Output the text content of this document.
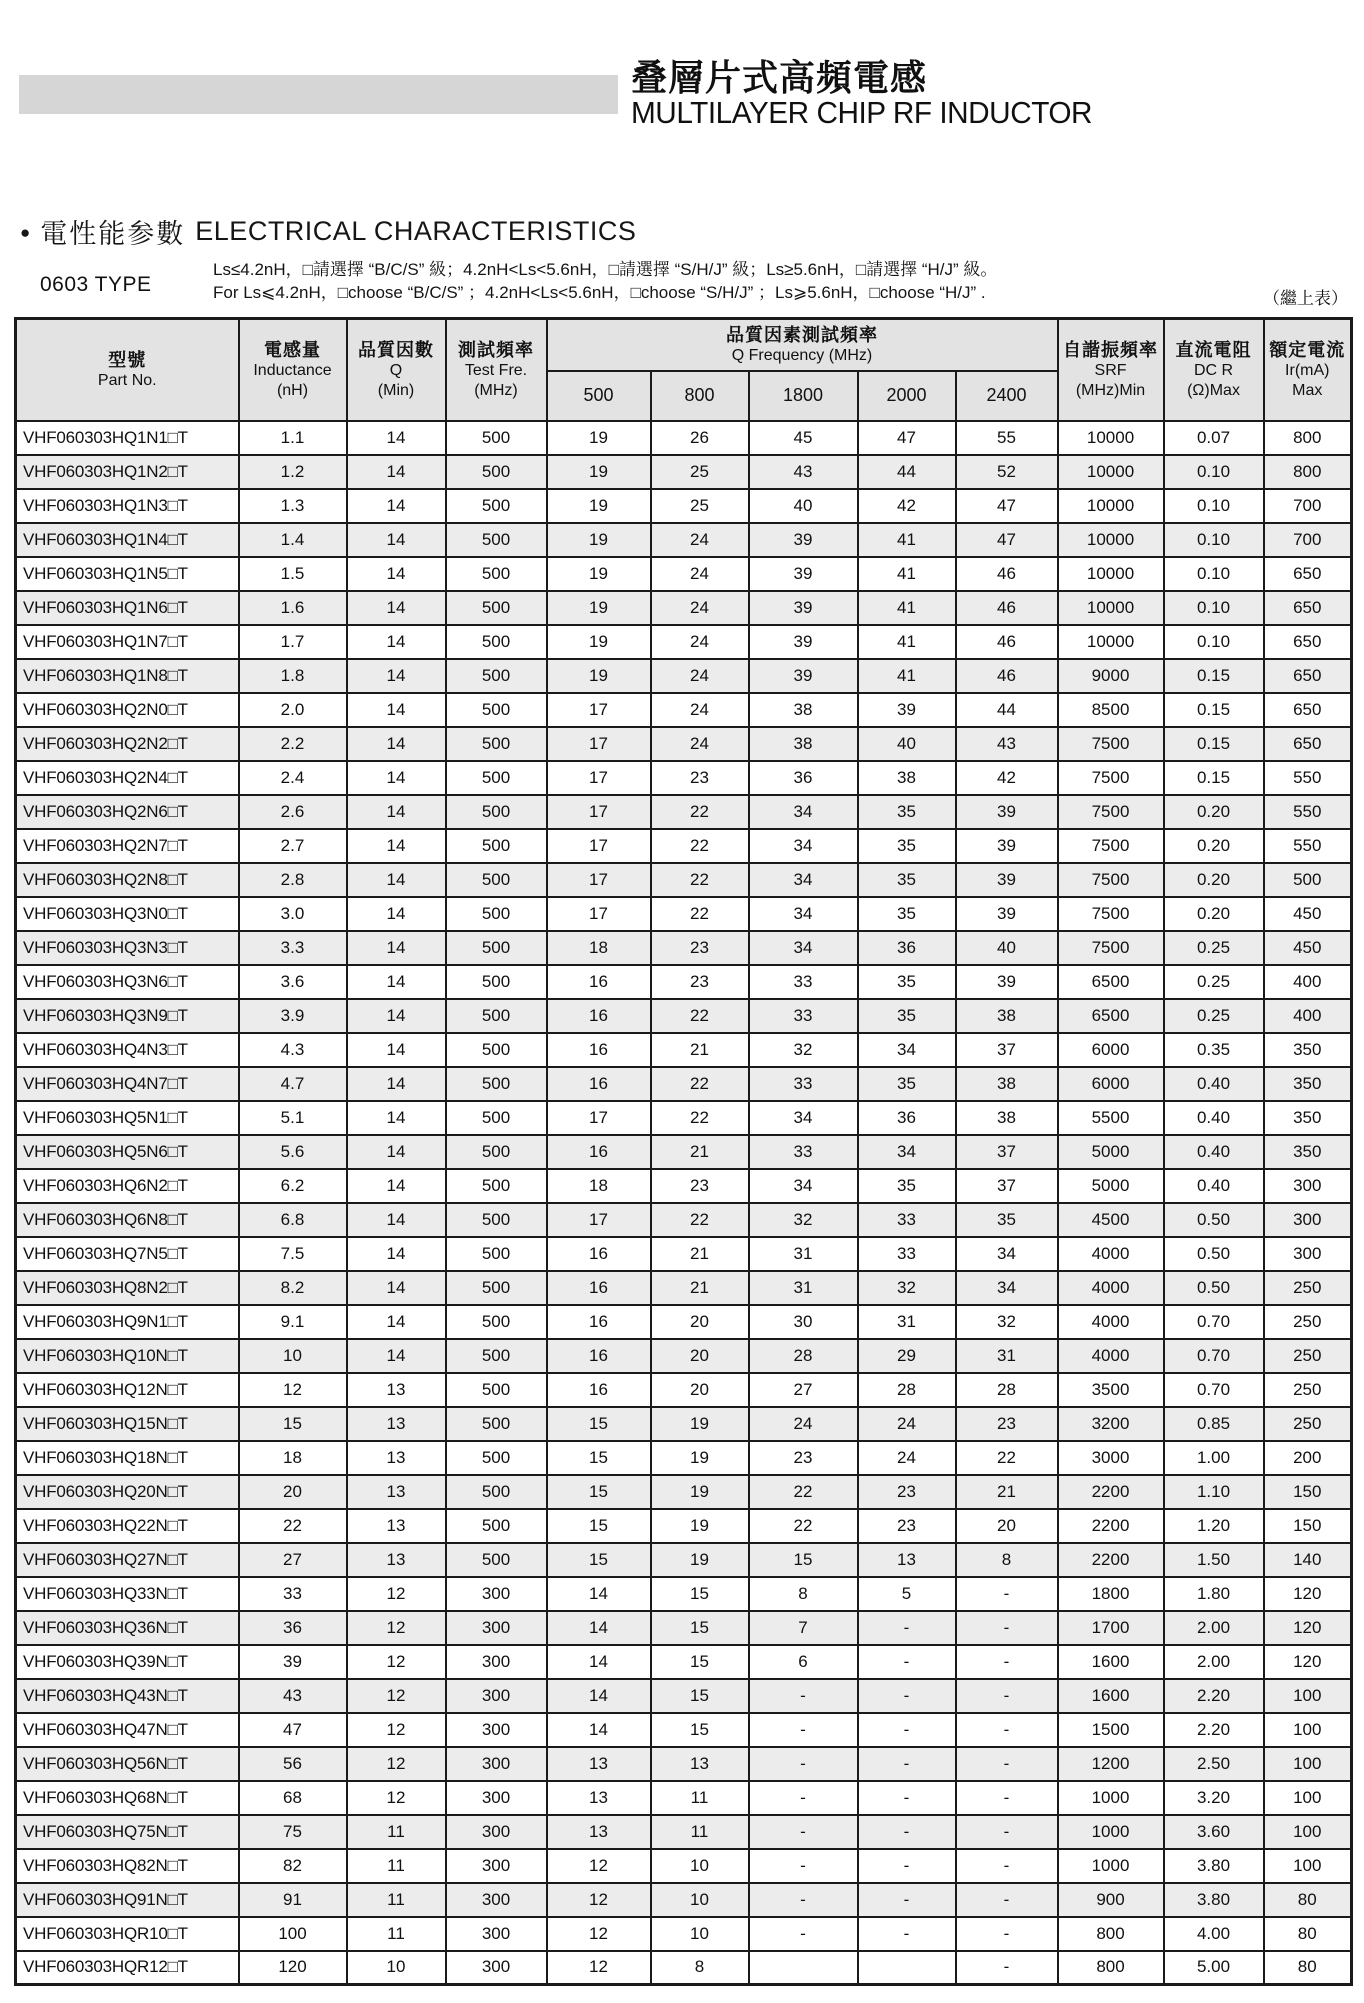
叠層片式高頻電感
MULTILAYER CHIP RF INDUCTOR
● 電性能参數 ELECTRICAL CHARACTERISTICS
0603 TYPE
Ls≤4.2nH，□請選擇 “B/C/S” 級；4.2nH<Ls<5.6nH，□請選擇 “S/H/J” 級；Ls≥5.6nH，□請選擇 “H/J” 級。
For Ls⩽4.2nH，□choose “B/C/S” ；4.2nH<Ls<5.6nH，□choose “S/H/J” ；Ls⩾5.6nH，□choose “H/J” .	（繼上表）
型號
Part No.

電感量
Inductance
(nH)

品質因數
Q
(Min)

測試頻率
Test Fre.
(MHz)

品質因素測試頻率
Q Frequency (MHz)	自諧振頻率
SRF
(MHz)Min

直流電阻
DC R
(Ω)Max

額定電流
Ir(mA)
Max

				500	800	1800	2000	2400			
VHF060303HQ1N1□T	1.1	14	500	19	26	45	47	55	10000	0.07	800
VHF060303HQ1N2□T	1.2	14	500	19	25	43	44	52	10000	0.10	800
VHF060303HQ1N3□T	1.3	14	500	19	25	40	42	47	10000	0.10	700
VHF060303HQ1N4□T	1.4	14	500	19	24	39	41	47	10000	0.10	700
VHF060303HQ1N5□T	1.5	14	500	19	24	39	41	46	10000	0.10	650
VHF060303HQ1N6□T	1.6	14	500	19	24	39	41	46	10000	0.10	650
VHF060303HQ1N7□T	1.7	14	500	19	24	39	41	46	10000	0.10	650
VHF060303HQ1N8□T	1.8	14	500	19	24	39	41	46	9000	0.15	650
VHF060303HQ2N0□T	2.0	14	500	17	24	38	39	44	8500	0.15	650
VHF060303HQ2N2□T	2.2	14	500	17	24	38	40	43	7500	0.15	650
VHF060303HQ2N4□T	2.4	14	500	17	23	36	38	42	7500	0.15	550
VHF060303HQ2N6□T	2.6	14	500	17	22	34	35	39	7500	0.20	550
VHF060303HQ2N7□T	2.7	14	500	17	22	34	35	39	7500	0.20	550
VHF060303HQ2N8□T	2.8	14	500	17	22	34	35	39	7500	0.20	500
VHF060303HQ3N0□T	3.0	14	500	17	22	34	35	39	7500	0.20	450
VHF060303HQ3N3□T	3.3	14	500	18	23	34	36	40	7500	0.25	450
VHF060303HQ3N6□T	3.6	14	500	16	23	33	35	39	6500	0.25	400
VHF060303HQ3N9□T	3.9	14	500	16	22	33	35	38	6500	0.25	400
VHF060303HQ4N3□T	4.3	14	500	16	21	32	34	37	6000	0.35	350
VHF060303HQ4N7□T	4.7	14	500	16	22	33	35	38	6000	0.40	350
VHF060303HQ5N1□T	5.1	14	500	17	22	34	36	38	5500	0.40	350
VHF060303HQ5N6□T	5.6	14	500	16	21	33	34	37	5000	0.40	350
VHF060303HQ6N2□T	6.2	14	500	18	23	34	35	37	5000	0.40	300
VHF060303HQ6N8□T	6.8	14	500	17	22	32	33	35	4500	0.50	300
VHF060303HQ7N5□T	7.5	14	500	16	21	31	33	34	4000	0.50	300
VHF060303HQ8N2□T	8.2	14	500	16	21	31	32	34	4000	0.50	250
VHF060303HQ9N1□T	9.1	14	500	16	20	30	31	32	4000	0.70	250
VHF060303HQ10N□T	10	14	500	16	20	28	29	31	4000	0.70	250
VHF060303HQ12N□T	12	13	500	16	20	27	28	28	3500	0.70	250
VHF060303HQ15N□T	15	13	500	15	19	24	24	23	3200	0.85	250
VHF060303HQ18N□T	18	13	500	15	19	23	24	22	3000	1.00	200
VHF060303HQ20N□T	20	13	500	15	19	22	23	21	2200	1.10	150
VHF060303HQ22N□T	22	13	500	15	19	22	23	20	2200	1.20	150
VHF060303HQ27N□T	27	13	500	15	19	15	13	8	2200	1.50	140
VHF060303HQ33N□T	33	12	300	14	15	8	5	-	1800	1.80	120
VHF060303HQ36N□T	36	12	300	14	15	7	-	-	1700	2.00	120
VHF060303HQ39N□T	39	12	300	14	15	6	-	-	1600	2.00	120
VHF060303HQ43N□T	43	12	300	14	15	-	-	-	1600	2.20	100
VHF060303HQ47N□T	47	12	300	14	15	-	-	-	1500	2.20	100
VHF060303HQ56N□T	56	12	300	13	13	-	-	-	1200	2.50	100
VHF060303HQ68N□T	68	12	300	13	11	-	-	-	1000	3.20	100
VHF060303HQ75N□T	75	11	300	13	11	-	-	-	1000	3.60	100
VHF060303HQ82N□T	82	11	300	12	10	-	-	-	1000	3.80	100
VHF060303HQ91N□T	91	11	300	12	10	-	-	-	900	3.80	80
VHF060303HQR10□T	100	11	300	12	10	-	-	-	800	4.00	80
VHF060303HQR12□T	120	10	300	12	8			-	800	5.00	80
